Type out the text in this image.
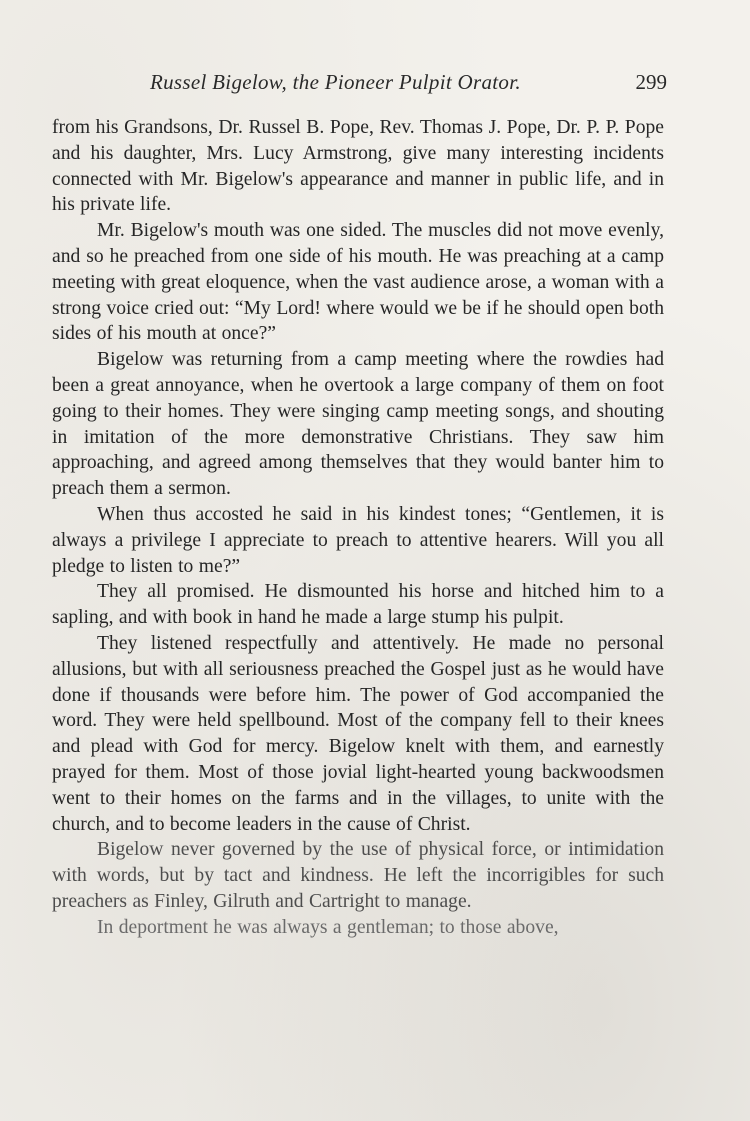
Russel Bigelow, the Pioneer Pulpit Orator.	299

from his Grandsons, Dr. Russel B. Pope, Rev. Thomas J. Pope, Dr. P. P. Pope and his daughter, Mrs. Lucy Armstrong, give many interesting incidents connected with Mr. Bigelow's appearance and manner in public life, and in his private life.

Mr. Bigelow's mouth was one sided. The muscles did not move evenly, and so he preached from one side of his mouth. He was preaching at a camp meeting with great eloquence, when the vast audience arose, a woman with a strong voice cried out: “My Lord! where would we be if he should open both sides of his mouth at once?”

Bigelow was returning from a camp meeting where the rowdies had been a great annoyance, when he overtook a large company of them on foot going to their homes. They were singing camp meeting songs, and shouting in imitation of the more demonstrative Christians. They saw him approaching, and agreed among themselves that they would banter him to preach them a sermon.

When thus accosted he said in his kindest tones; “Gentlemen, it is always a privilege I appreciate to preach to attentive hearers. Will you all pledge to listen to me?”

They all promised. He dismounted his horse and hitched him to a sapling, and with book in hand he made a large stump his pulpit.

They listened respectfully and attentively. He made no personal allusions, but with all seriousness preached the Gospel just as he would have done if thousands were before him. The power of God accompanied the word. They were held spellbound. Most of the company fell to their knees and plead with God for mercy. Bigelow knelt with them, and earnestly prayed for them. Most of those jovial light-hearted young backwoodsmen went to their homes on the farms and in the villages, to unite with the church, and to become leaders in the cause of Christ.

Bigelow never governed by the use of physical force, or intimidation with words, but by tact and kindness. He left the incorrigibles for such preachers as Finley, Gilruth and Cartright to manage.

In deportment he was always a gentleman; to those above,
